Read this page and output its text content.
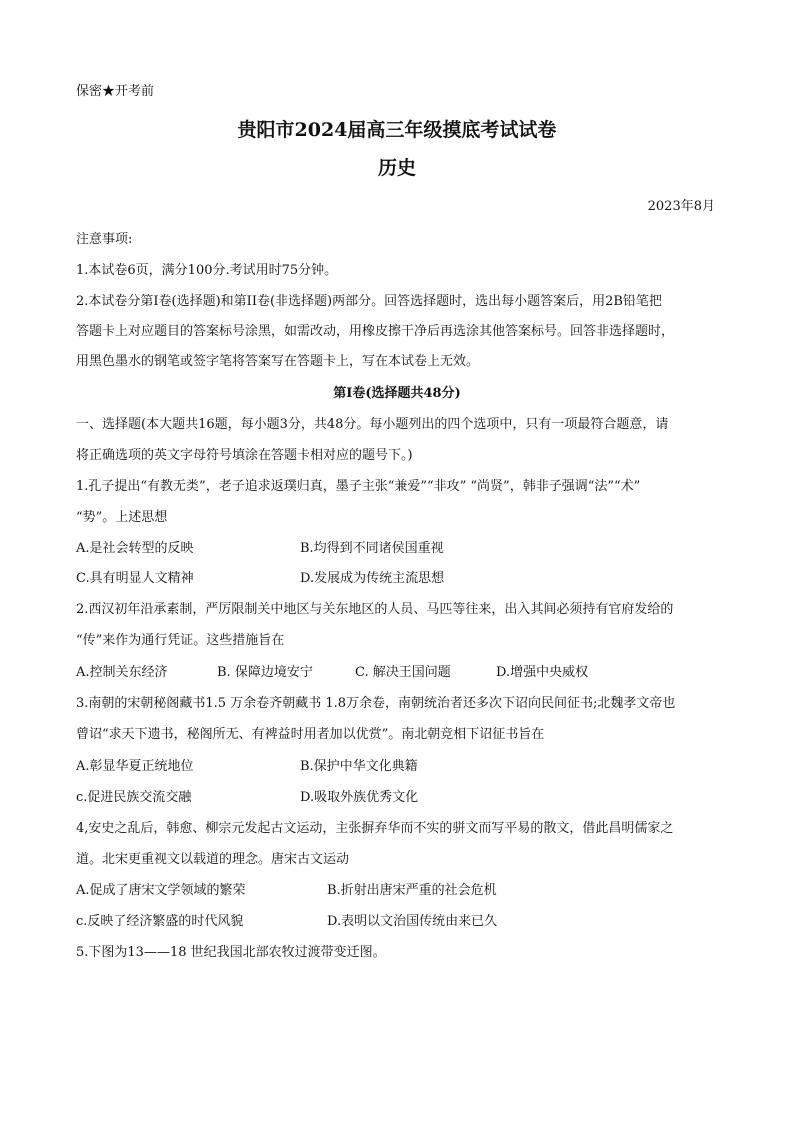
保密★开考前
贵阳市2024届高三年级摸底考试试卷
历史
2023年8月
注意事项:
1.本试卷6页，满分100分.考试用时75分钟。
2.本试卷分第I卷(选择题)和第II卷(非选择题)两部分。回答选择题时，选出每小题答案后，用2B铅笔把
答题卡上对应题目的答案标号涂黑，如需改动，用橡皮擦干净后再选涂其他答案标号。回答非选择题时，
用黑色墨水的钢笔或签字笔将答案写在答题卡上，写在本试卷上无效。
第I卷(选择题共48分)
一、选择题(本大题共16题，每小题3分，共48分。每小题列出的四个选项中，只有一项最符合题意，请
将正确选项的英文字母符号填涂在答题卡相对应的题号下。)
1.孔子提出“有教无类”，老子追求返璞归真，墨子主张“兼爱”“非攻” “尚贤”，韩非子强调“法”“术”
“势”。上述思想
A.是社会转型的反映	B.均得到不同诸侯国重视
C.具有明显人文精神	D.发展成为传统主流思想
2.西汉初年沿承素制，严厉限制关中地区与关东地区的人员、马匹等往来，出入其间必须持有官府发给的
“传”来作为通行凭证。这些措施旨在
A.控制关东经济	B. 保障边境安宁	C. 解决王国问题	D.增强中央威权
3.南朝的宋朝秘阁藏书1.5 万余卷齐朝藏书 1.8万余卷，南朝统治者还多次下诏向民间征书;北魏孝文帝也
曾诏“求天下遗书，秘阁所无、有裨益时用者加以优赏”。南北朝竞相下诏征书旨在
A.彰显华夏正统地位	B.保护中华文化典籍
c.促进民族交流交融	D.吸取外族优秀文化
4,安史之乱后，韩愈、柳宗元发起古文运动，主张摒弃华而不实的骈文而写平易的散文，借此昌明儒家之
道。北宋更重视文以载道的理念。唐宋古文运动
A.促成了唐宋文学领域的繁荣	B.折射出唐宋严重的社会危机
c.反映了经济繁盛的时代风貌	D.表明以文治国传统由来已久
5.下图为13——18 世纪我国北部农牧过渡带变迁图。
